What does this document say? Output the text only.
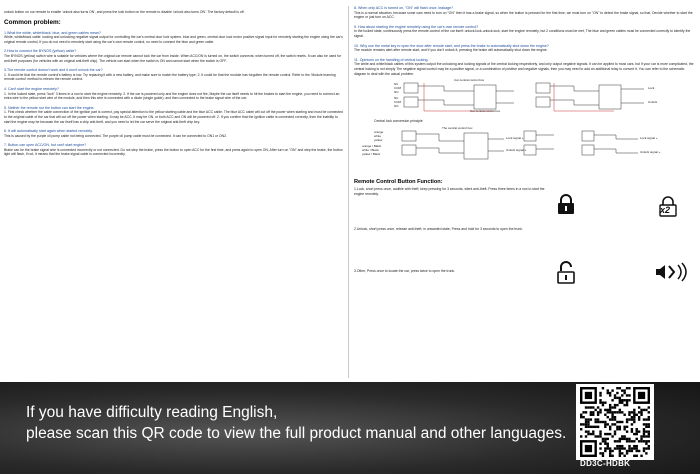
unlock button on our remote to enable 'unlock also turns ON', and press the lock button on the remote to disable 'unlock also turns ON'. The factory default is off.
Common problem:
1.What the white, white/black, blue, and green cables mean?
White, white/black cable: locking and unlocking negative signal output for controlling the car's central door lock system, blue and green, central door lock motor positive signal input for remotely starting the engine using the car's original remote control, If you do not need to remotely start using the car's own remote control, no need to connect the blue and green cable.
2.How to connect the BYNOS (yellow) cable?
The BYNOS (yellow) switch wire is suitable for vehicles where the original car remote cannot lock the car from inside. When ACC/ON is turned on, the switch connects; when turned off, the switch resets. It can also be used for anti-theft purposes (for vehicles with an original anti-theft chip). The vehicle can start when the switch is ON and cannot start when the switch is OFF.
3.The remote control doesn't work and it won't unlock the car?
1. It could be that the remote control's battery is low. Try replacing it with a new battery, and make sure to match the battery type; 2. It could be that the module has forgotten the remote control. Refer to the 'Module learning remote control' method to relearn the remote control.
4. Can't start the engine remotely?
1. In the locked state, press "lock" 3 times in a row to start the engine remotely. 2. If the car is powered only and the engine does not fire, Maybe the car itself needs to hit the brakes to start the engine, you need to connect an extra wire to the yellow start wire of the module, and then this wire is connected with a diode (single guide), and then connected to the brake signal wire of the car;
5. Neither the remote nor the button can start the engine.
1. First check whether the cable connection of the ignition part is correct, pay special attention to the yellow starting cable and the blue ACC cable. The blue ACC cable will cut off the power when starting and must be connected to the original cable of the car that will cut off the power when starting. It may be ACC, it may be ON, or both ACC and ON will be powered off. 2. If you confirm that the ignition cable is connected correctly, then the inability to start the engine may be because the car itself has a chip anti-theft, and you need to let the car serve the original anti-theft chip key.
6. It will automatically start again when started remotely.
This is caused by the purple oil pump cable not being connected. The purple oil pump cable must be connected. It can be connected to ON1 or ON2.
7. Button can open ACC/ON, but can't start engine?
Brake can be the brake signal wire is connected incorrectly or not connected. Do not step the brake, press the button to open ACC for the first time, and press again to open ON; After turn on "ON" and step the brake, the button light will flash, if not, it means that the brake signal cable is connected incorrectly.
8. When only ACC is turned on, "ON" will flash once, leakage?
This is a normal situation, because some cars need to turn on "ON" then it has a brake signal, so when the button is pressed for the first time, we must turn on "ON" to detect the brake signal, so that, Decide whether to start the engine or just turn on ACC.
9. How about starting the engine remotely using the car's own remote control?
In the locked state, continuously press the remote control of the car itself: unlock-lock-unlock-lock, start the engine remotely, but 2 conditions must be met, The blue and green cables must be connected correctly to identify the signal.
10. Why use the metal key to open the door after remote start, and press the brake to automatically shut down the engine?
The module remains alert after remote start, and if you don't unlock it, pressing the brake will automatically shut down the engine.
11. Opinions on the handling of central locking.
The white and white/black cables of this system output the unlocking and locking signals of the central locking respectively, and only output negative signals. It can be applied to most cars, but if your car is more complicated, the central locking is not simply The negative signal control may be a positive signal, or a combination of positive and negative signals, then you may need to add an additional relay to convert it. You can refer to the schematic diagram to deal with the actual problem.
Car central control box
Car central control box
Lock
Unlock
NC
COM
NO
NC
COM
NO
Central lock conversion principle
orange
white
yellow
orange / Black
white / Black
yellow / Black
The central control box
Lock signal +
Unlock signal +
Lock signal +
Unlock signal +
Remote Control Button Function:
1.Lock, short press once, audible with theft; keep pressing for 3 seconds, silent anti-theft. Press three times in a row to start the engine remotely.
2.Unlock, short press once, release anti-theft; in unwanted state, Press and hold for 3 seconds to open the trunk.
3.Other, Press once to locate the car, press twice to open the trunk.
x2
If you have difficulty reading English,
please scan this QR code to view the full product manual and other languages.
DD3C-HDBK
